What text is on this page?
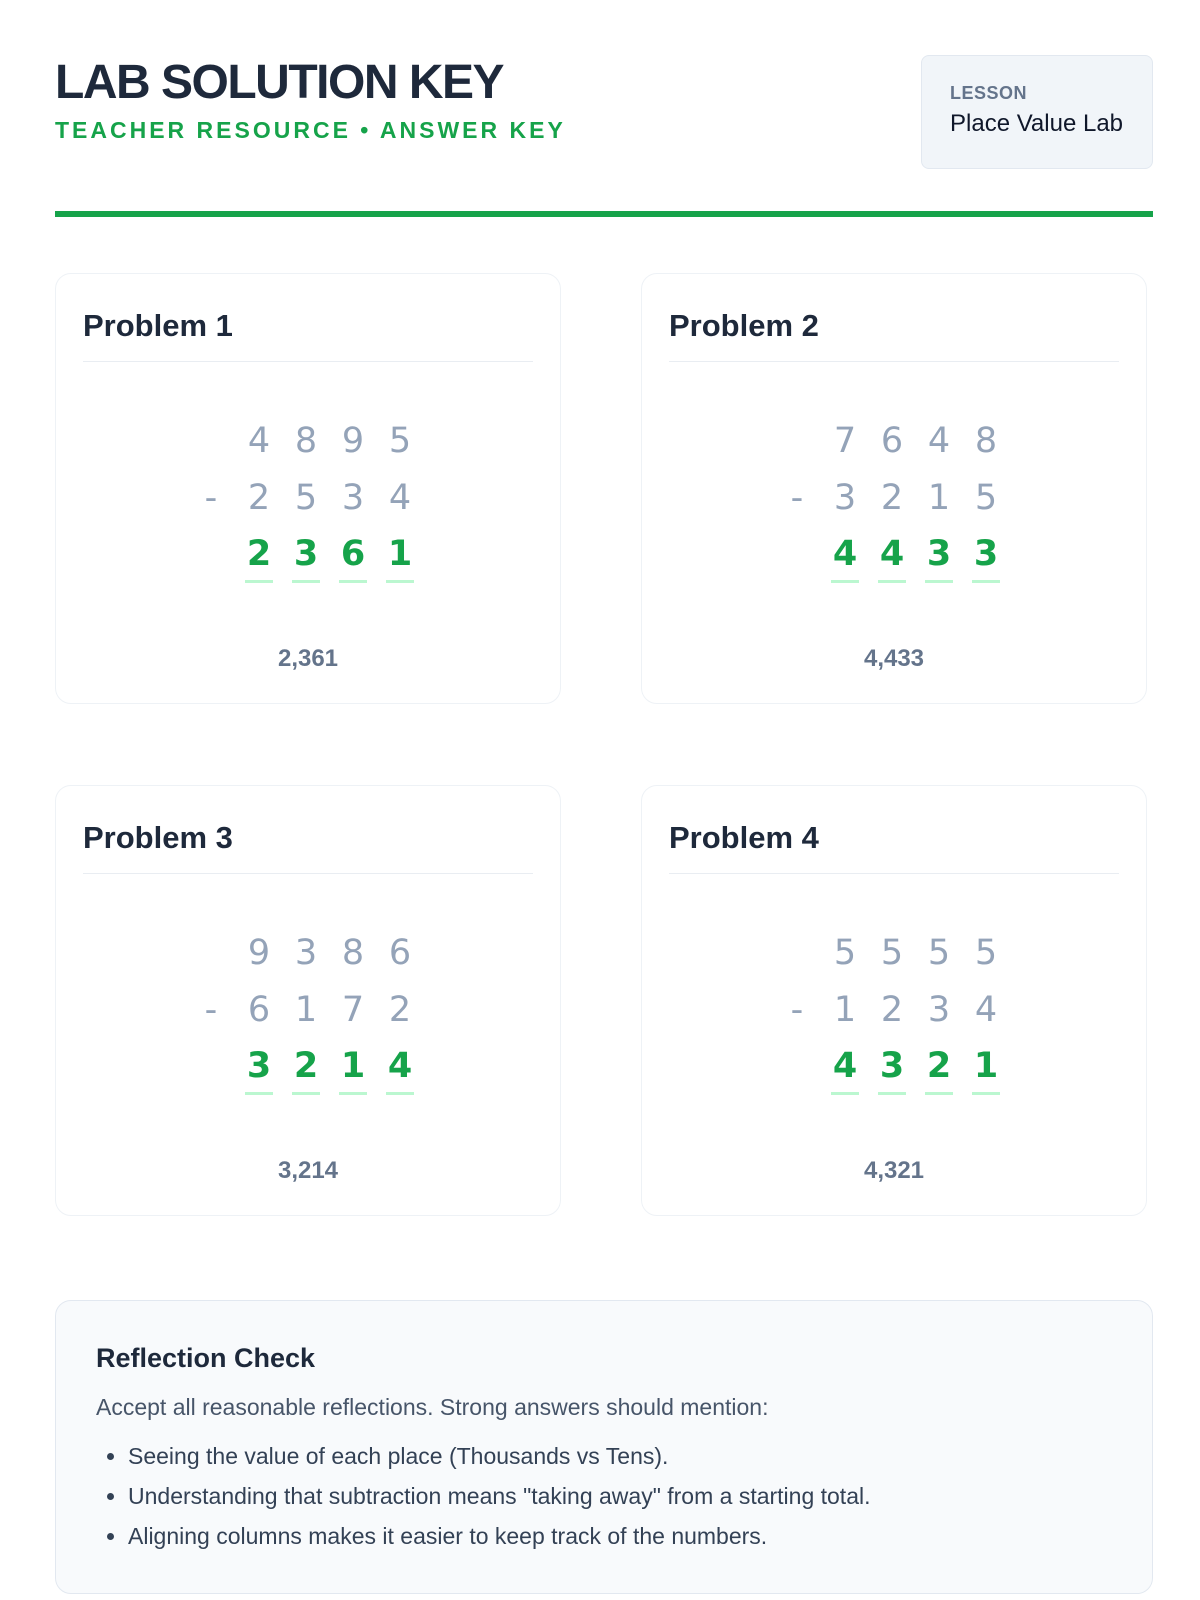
LAB SOLUTION KEY
TEACHER RESOURCE • ANSWER KEY
LESSON
Place Value Lab
Problem 1
4 8 9 5
- 2 5 3 4
2 3 6 1
2,361
Problem 2
7 6 4 8
- 3 2 1 5
4 4 3 3
4,433
Problem 3
9 3 8 6
- 6 1 7 2
3 2 1 4
3,214
Problem 4
5 5 5 5
- 1 2 3 4
4 3 2 1
4,321
Reflection Check
Accept all reasonable reflections. Strong answers should mention:
• Seeing the value of each place (Thousands vs Tens).
• Understanding that subtraction means "taking away" from a starting total.
• Aligning columns makes it easier to keep track of the numbers.
